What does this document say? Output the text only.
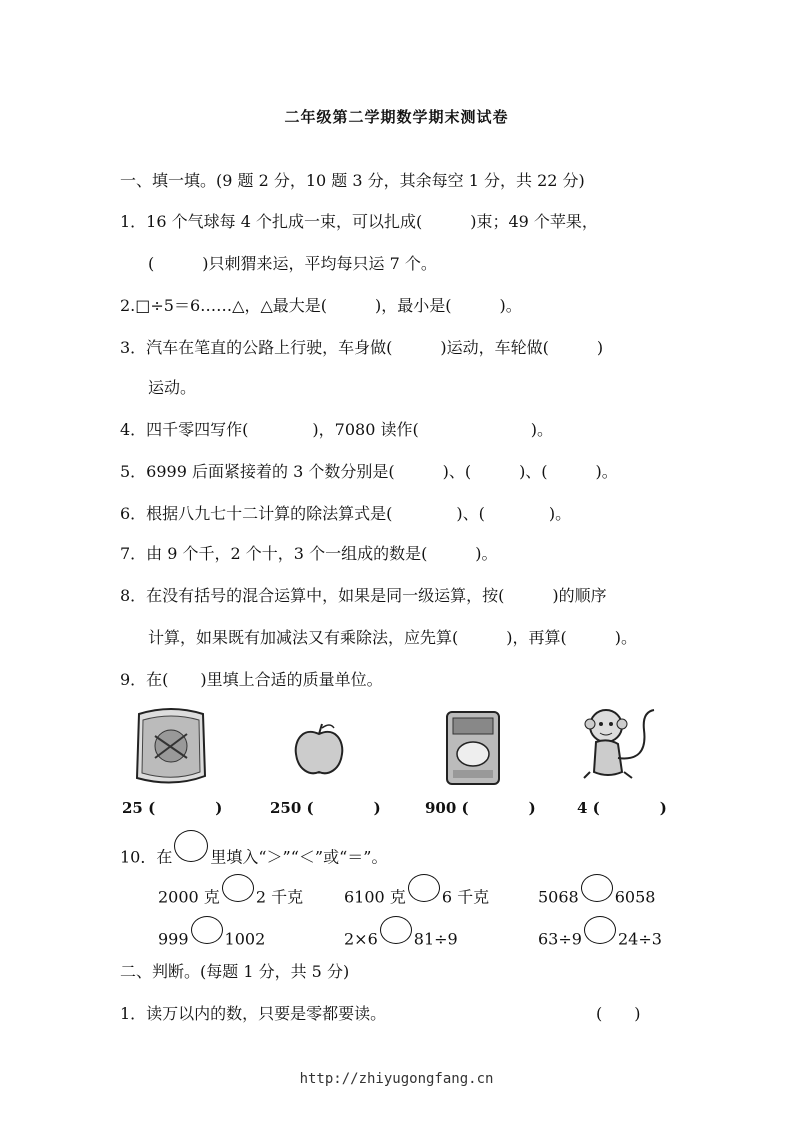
二年级第二学期数学期末测试卷
一、填一填。(9 题 2 分，10 题 3 分，其余每空 1 分，共 22 分)
1．16 个气球每 4 个扎成一束，可以扎成(　　　)束；49 个苹果，
(　　　)只刺猬来运，平均每只运 7 个。
2.□÷5＝6……△，△最大是(　　　)，最小是(　　　)。
3．汽车在笔直的公路上行驶，车身做(　　　)运动，车轮做(　　　)
运动。
4．四千零四写作(　　　　)，7080 读作(　　　　　　　)。
5．6999 后面紧接着的 3 个数分别是(　　　)、(　　　)、(　　　)。
6．根据八九七十二计算的除法算式是(　　　　)、(　　　　)。
7．由 9 个千，2 个十，3 个一组成的数是(　　　)。
8．在没有括号的混合运算中，如果是同一级运算，按(　　　)的顺序
计算，如果既有加减法又有乘除法，应先算(　　　)，再算(　　　)。
9．在(　　)里填上合适的质量单位。
25 (　　　　)	250 (　　　　)	900 (　　　　)	4 (　　　　)
10．在 里填入“＞”“＜”或“＝”。
2000 克 2 千克	6100 克 6 千克	5068 6058
999 1002	2×6 81÷9	63÷9 24÷3
二、判断。(每题 1 分，共 5 分)
1．读万以内的数，只要是零都要读。	(　　)
http://zhiyugongfang.cn
